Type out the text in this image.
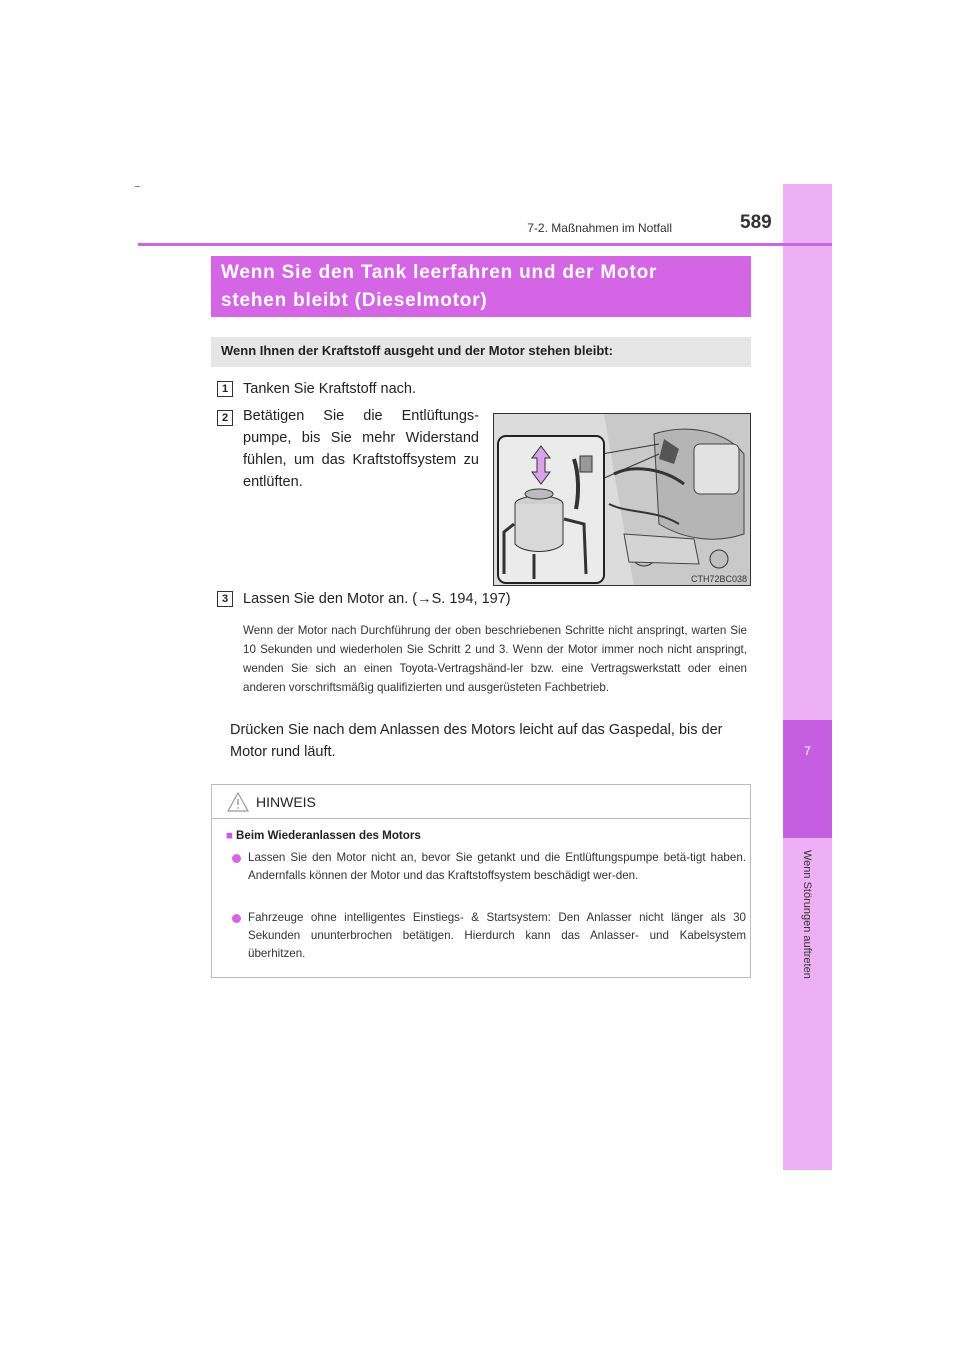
7
Wenn Störungen auftreten
7-2. Maßnahmen im Notfall	589
Wenn Sie den Tank leerfahren und der Motor
stehen bleibt (Dieselmotor)
Wenn Ihnen der Kraftstoff ausgeht und der Motor stehen bleibt:
1	Tanken Sie Kraftstoff nach.
2	Betätigen Sie die Entlüftungs-
pumpe, bis Sie mehr Widerstand
fühlen, um das Kraftstoffsystem zu
entlüften.
CTH72BC038
3	Lassen Sie den Motor an. (→S. 194, 197)
Wenn der Motor nach Durchführung der oben beschriebenen Schritte nicht anspringt, warten Sie 10 Sekunden und wiederholen Sie Schritt 2 und 3. Wenn der Motor immer noch nicht anspringt, wenden Sie sich an einen Toyota-Vertragshänd-ler bzw. eine Vertragswerkstatt oder einen anderen vorschriftsmäßig qualifizierten und ausgerüsteten Fachbetrieb.
Drücken Sie nach dem Anlassen des Motors leicht auf das Gaspedal, bis der Motor rund läuft.
HINWEIS
■ Beim Wiederanlassen des Motors
Lassen Sie den Motor nicht an, bevor Sie getankt und die Entlüftungspumpe betä-tigt haben. Andernfalls können der Motor und das Kraftstoffsystem beschädigt wer-den.
Fahrzeuge ohne intelligentes Einstiegs- & Startsystem: Den Anlasser nicht länger als 30 Sekunden ununterbrochen betätigen. Hierdurch kann das Anlasser- und Kabelsystem überhitzen.
